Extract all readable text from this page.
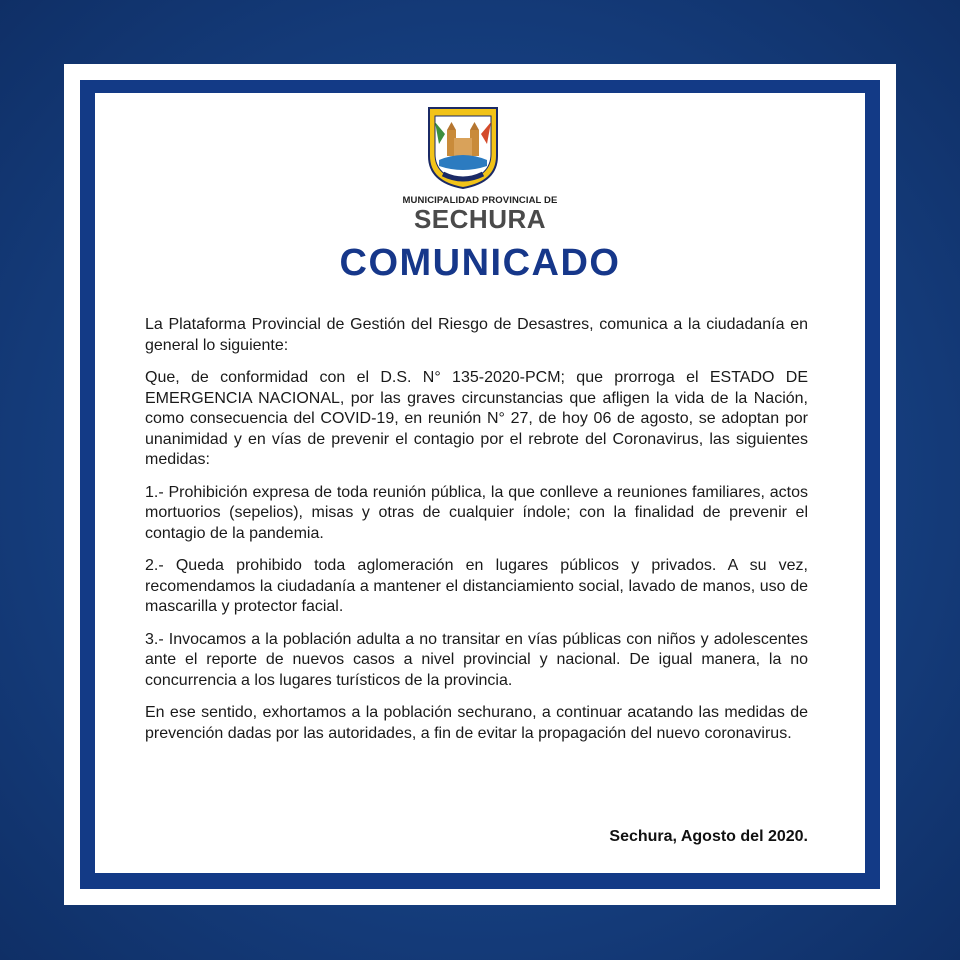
MUNICIPALIDAD PROVINCIAL DE
SECHURA
COMUNICADO

La Plataforma Provincial de Gestión del Riesgo de Desastres, comunica a la ciudadanía en general lo siguiente:

Que, de conformidad con el D.S. N° 135-2020-PCM; que prorroga el ESTADO DE EMERGENCIA NACIONAL, por las graves circunstancias que afligen la vida de la Nación, como consecuencia del COVID-19, en reunión N° 27, de hoy 06 de agosto, se adoptan por unanimidad y en vías de prevenir el contagio por el rebrote del Coronavirus, las siguientes medidas:

1.- Prohibición expresa de toda reunión pública, la que conlleve a reuniones familiares, actos mortuorios (sepelios), misas y otras de cualquier índole; con la finalidad de prevenir el contagio de la pandemia.

2.- Queda prohibido toda aglomeración en lugares públicos y privados. A su vez, recomendamos la ciudadanía a mantener el distanciamiento social, lavado de manos, uso de mascarilla y protector facial.

3.- Invocamos a la población adulta a no transitar en vías públicas con niños y adolescentes ante el reporte de nuevos casos a nivel provincial y nacional. De igual manera, la no concurrencia a los lugares turísticos de la provincia.

En ese sentido, exhortamos a la población sechurano, a continuar acatando las medidas de prevención dadas por las autoridades, a fin de evitar la propagación del nuevo coronavirus.

Sechura, Agosto del 2020.
